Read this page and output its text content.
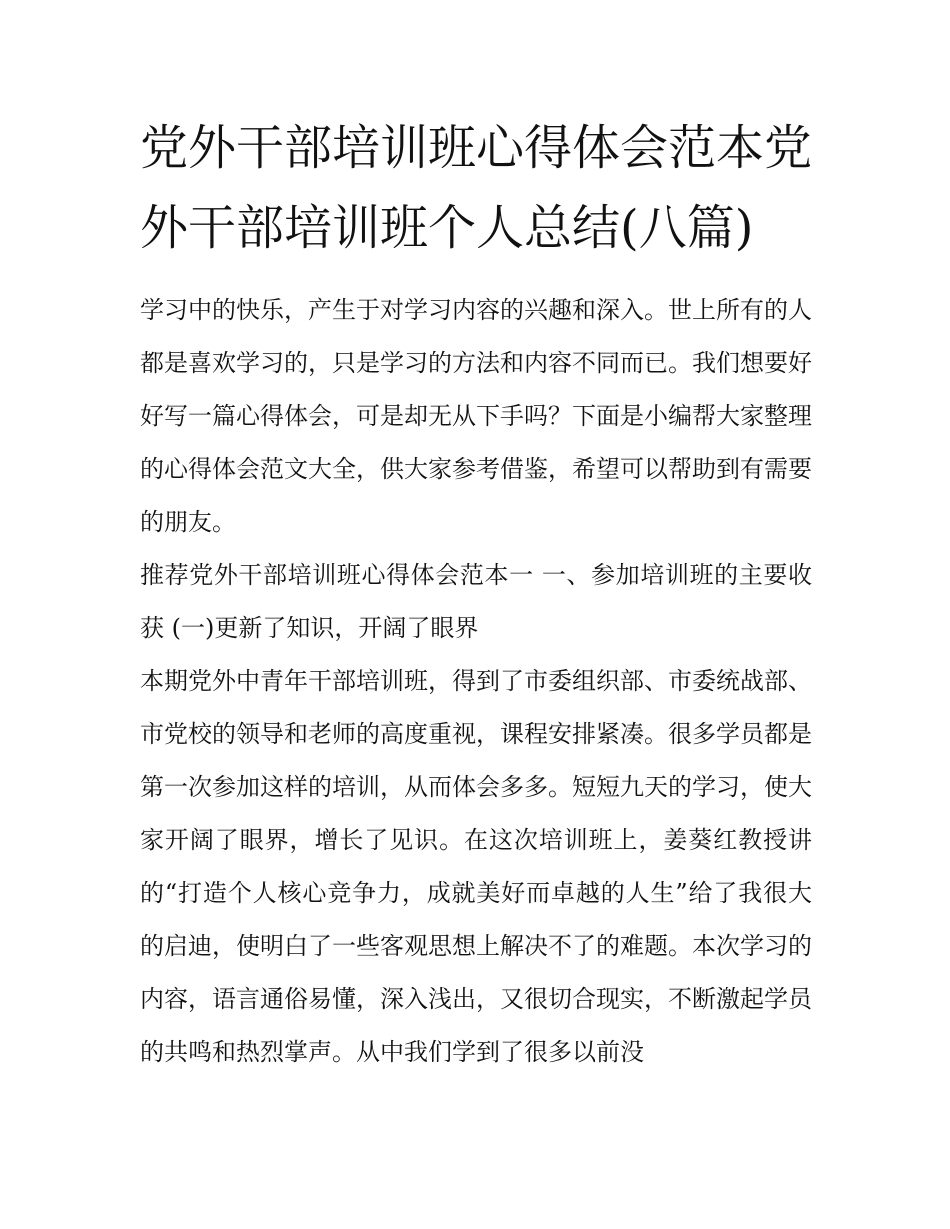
党外干部培训班心得体会范本党外干部培训班个人总结(八篇)

学习中的快乐，产生于对学习内容的兴趣和深入。世上所有的人都是喜欢学习的，只是学习的方法和内容不同而已。我们想要好好写一篇心得体会，可是却无从下手吗？下面是小编帮大家整理的心得体会范文大全，供大家参考借鉴，希望可以帮助到有需要的朋友。

推荐党外干部培训班心得体会范本一 一、参加培训班的主要收获 (一)更新了知识，开阔了眼界

本期党外中青年干部培训班，得到了市委组织部、市委统战部、市党校的领导和老师的高度重视，课程安排紧凑。很多学员都是第一次参加这样的培训，从而体会多多。短短九天的学习，使大家开阔了眼界，增长了见识。在这次培训班上，姜葵红教授讲的“打造个人核心竞争力，成就美好而卓越的人生”给了我很大的启迪，使明白了一些客观思想上解决不了的难题。本次学习的内容，语言通俗易懂，深入浅出，又很切合现实，不断激起学员的共鸣和热烈掌声。从中我们学到了很多以前没
